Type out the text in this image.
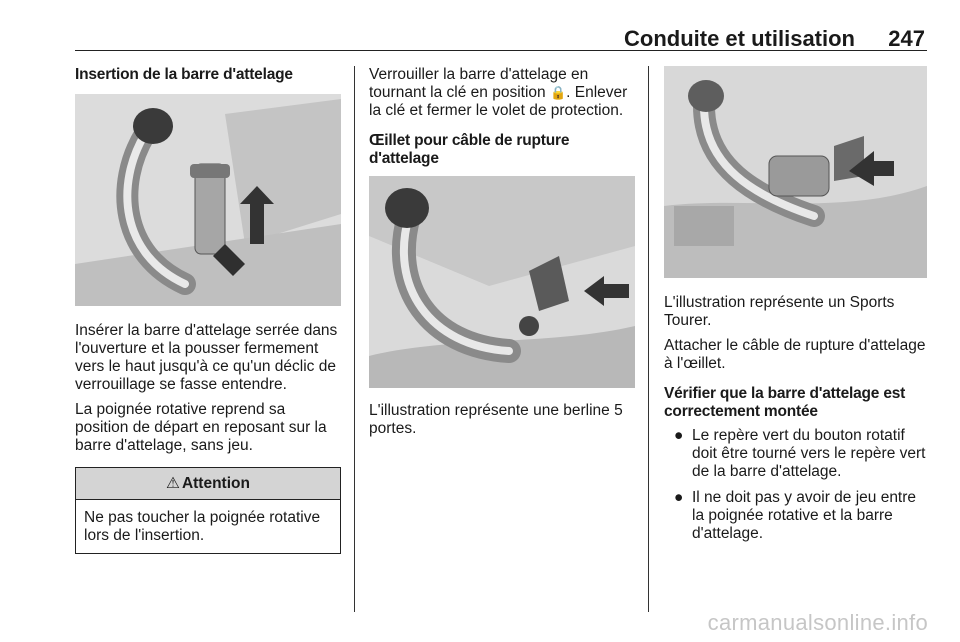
Conduite et utilisation 247
Insertion de la barre d'attelage

Insérer la barre d'attelage serrée dans l'ouverture et la pousser fermement vers le haut jusqu'à ce qu'un déclic de verrouillage se fasse entendre.

La poignée rotative reprend sa position de départ en reposant sur la barre d'attelage, sans jeu.

⚠ Attention
Ne pas toucher la poignée rotative lors de l'insertion.

Verrouiller la barre d'attelage en tournant la clé en position 🔒. Enlever la clé et fermer le volet de protection.

Œillet pour câble de rupture d'attelage

L'illustration représente une berline 5 portes.

L'illustration représente un Sports Tourer.

Attacher le câble de rupture d'attelage à l'œillet.

Vérifier que la barre d'attelage est correctement montée
● Le repère vert du bouton rotatif doit être tourné vers le repère vert de la barre d'attelage.
● Il ne doit pas y avoir de jeu entre la poignée rotative et la barre d'attelage.
carmanualsonline.info
